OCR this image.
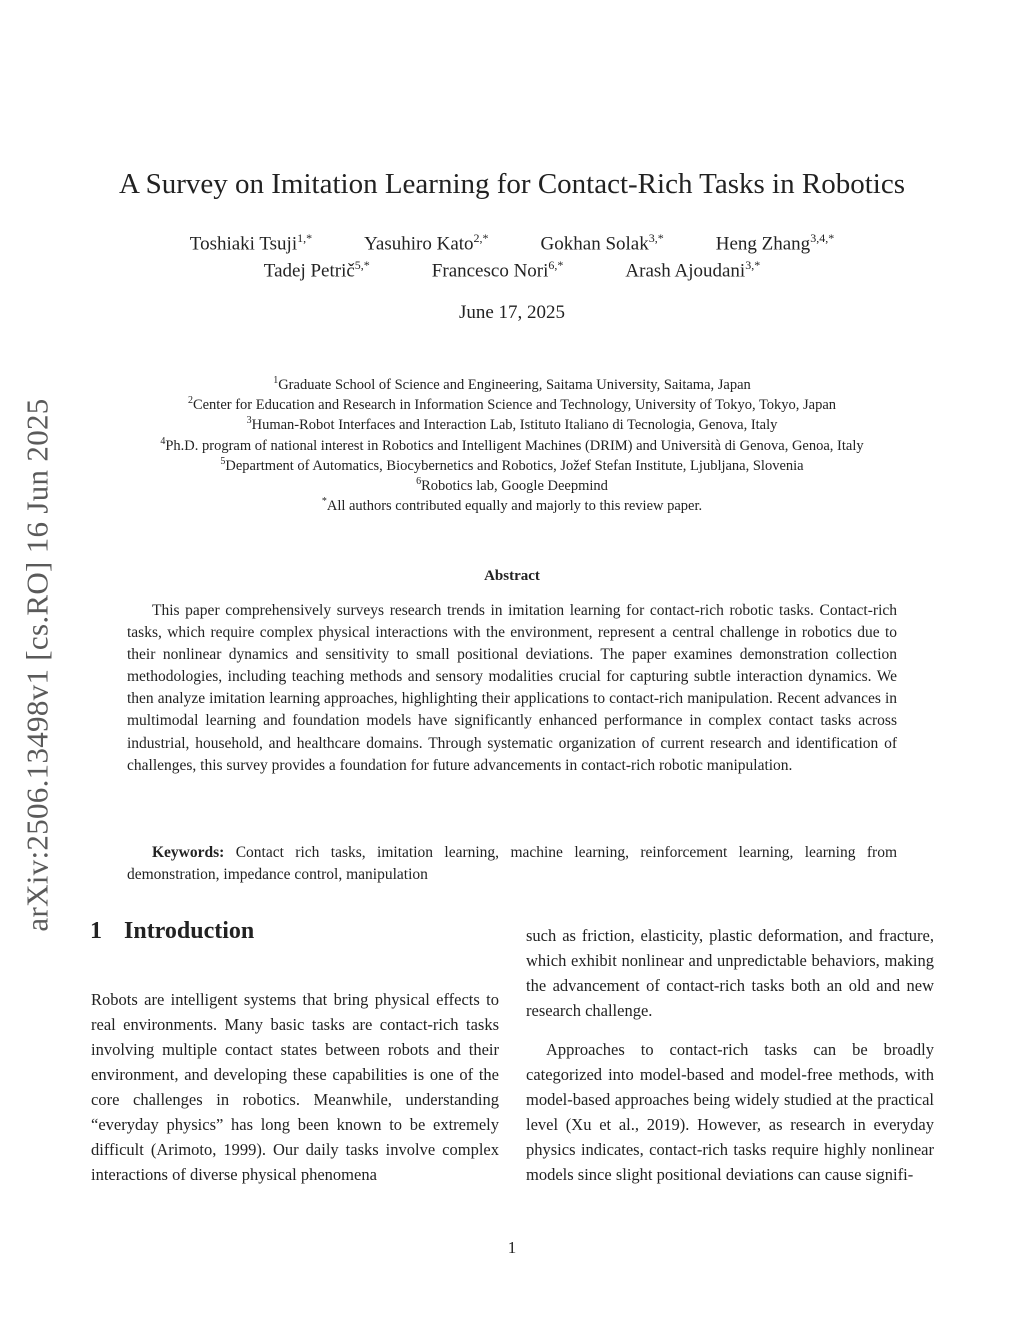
arXiv:2506.13498v1 [cs.RO] 16 Jun 2025
A Survey on Imitation Learning for Contact-Rich Tasks in Robotics
Toshiaki Tsuji$^{1,*}$	Yasuhiro Kato$^{2,*}$	Gokhan Solak$^{3,*}$	Heng Zhang$^{3,4,*}$
Tadej Petrič$^{5,*}$	Francesco Nori$^{6,*}$	Arash Ajoudani$^{3,*}$
June 17, 2025
$^1$Graduate School of Science and Engineering, Saitama University, Saitama, Japan
$^2$Center for Education and Research in Information Science and Technology, University of Tokyo, Tokyo, Japan
$^3$Human-Robot Interfaces and Interaction Lab, Istituto Italiano di Tecnologia, Genova, Italy
$^4$Ph.D. program of national interest in Robotics and Intelligent Machines (DRIM) and Università di Genova, Genoa, Italy
$^5$Department of Automatics, Biocybernetics and Robotics, Jožef Stefan Institute, Ljubljana, Slovenia
$^6$Robotics lab, Google Deepmind
*All authors contributed equally and majorly to this review paper.
Abstract
This paper comprehensively surveys research trends in imitation learning for contact-rich robotic tasks. Contact-rich tasks, which require complex physical interactions with the environment, represent a central challenge in robotics due to their nonlinear dynamics and sensitivity to small positional deviations. The paper examines demonstration collection methodologies, including teaching methods and sensory modalities crucial for capturing subtle interaction dynamics. We then analyze imitation learning approaches, highlighting their applications to contact-rich manipulation. Recent advances in multimodal learning and foundation models have significantly enhanced performance in complex contact tasks across industrial, household, and healthcare domains. Through systematic organization of current research and identification of challenges, this survey provides a foundation for future advancements in contact-rich robotic manipulation.
Keywords: Contact rich tasks, imitation learning, machine learning, reinforcement learning, learning from demonstration, impedance control, manipulation
1 Introduction
Robots are intelligent systems that bring physical effects to real environments. Many basic tasks are contact-rich tasks involving multiple contact states between robots and their environment, and developing these capabilities is one of the core challenges in robotics. Meanwhile, understanding “everyday physics” has long been known to be extremely difficult (Arimoto, 1999). Our daily tasks involve complex interactions of diverse physical phenomena
such as friction, elasticity, plastic deformation, and fracture, which exhibit nonlinear and unpredictable behaviors, making the advancement of contact-rich tasks both an old and new research challenge.
Approaches to contact-rich tasks can be broadly categorized into model-based and model-free methods, with model-based approaches being widely studied at the practical level (Xu et al., 2019). However, as research in everyday physics indicates, contact-rich tasks require highly nonlinear models since slight positional deviations can cause signifi-
1
